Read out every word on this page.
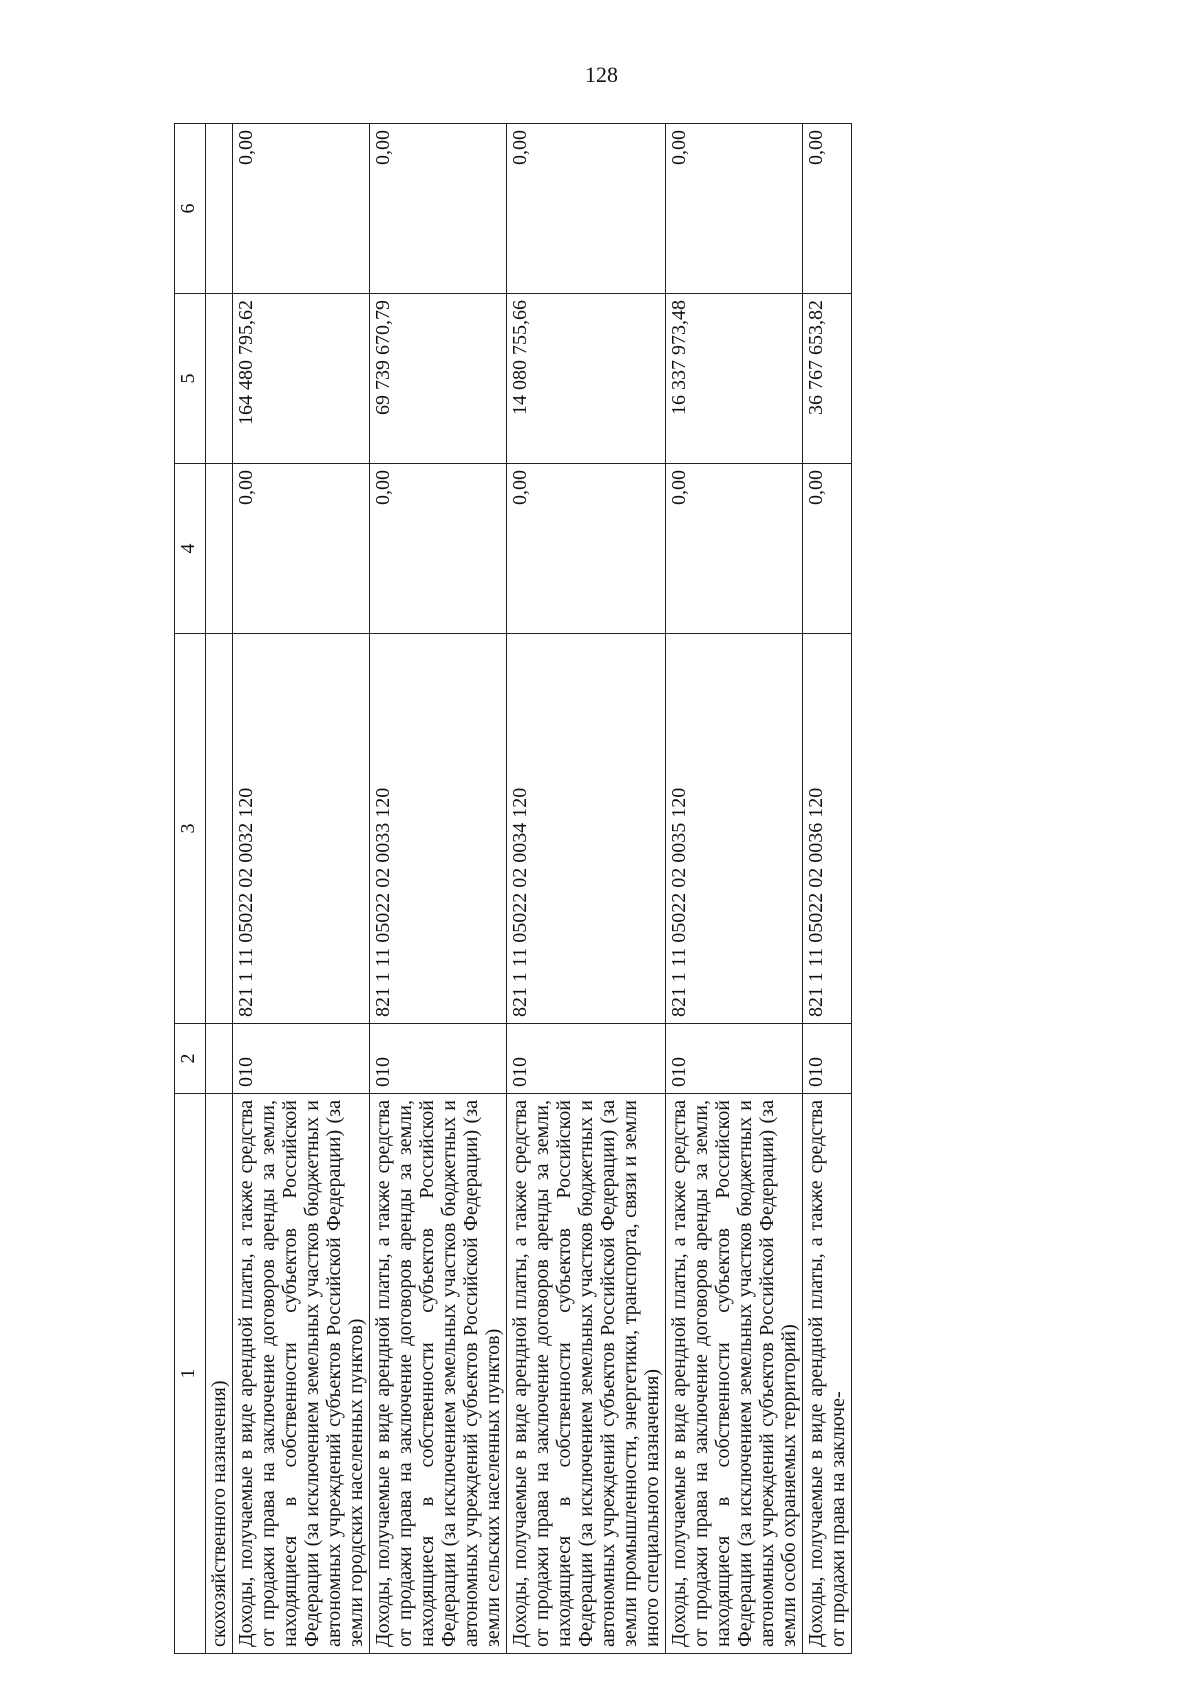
128
1	2	3	4	5	6
скохозяйственного назначения)					
Доходы, получаемые в виде арендной платы, а также средства от продажи права на заключение договоров аренды за земли, находящиеся в собственности субъектов Российской Федерации (за исключением земельных участков бюджетных и автономных учреждений субъектов Российской Федерации) (за земли городских населенных пунктов)	010	821 1 11 05022 02 0032 120	0,00	164 480 795,62	0,00
Доходы, получаемые в виде арендной платы, а также средства от продажи права на заключение договоров аренды за земли, находящиеся в собственности субъектов Российской Федерации (за исключением земельных участков бюджетных и автономных учреждений субъектов Российской Федерации) (за земли сельских населенных пунктов)	010	821 1 11 05022 02 0033 120	0,00	69 739 670,79	0,00
Доходы, получаемые в виде арендной платы, а также средства от продажи права на заключение договоров аренды за земли, находящиеся в собственности субъектов Российской Федерации (за исключением земельных участков бюджетных и автономных учреждений субъектов Российской Федерации) (за земли промышленности, энергетики, транспорта, связи и земли иного специального назначения)	010	821 1 11 05022 02 0034 120	0,00	14 080 755,66	0,00
Доходы, получаемые в виде арендной платы, а также средства от продажи права на заключение договоров аренды за земли, находящиеся в собственности субъектов Российской Федерации (за исключением земельных участков бюджетных и автономных учреждений субъектов Российской Федерации) (за земли особо охраняемых территорий)	010	821 1 11 05022 02 0035 120	0,00	16 337 973,48	0,00
Доходы, получаемые в виде арендной платы, а также средства от продажи права на заключе-	010	821 1 11 05022 02 0036 120	0,00	36 767 653,82	0,00
